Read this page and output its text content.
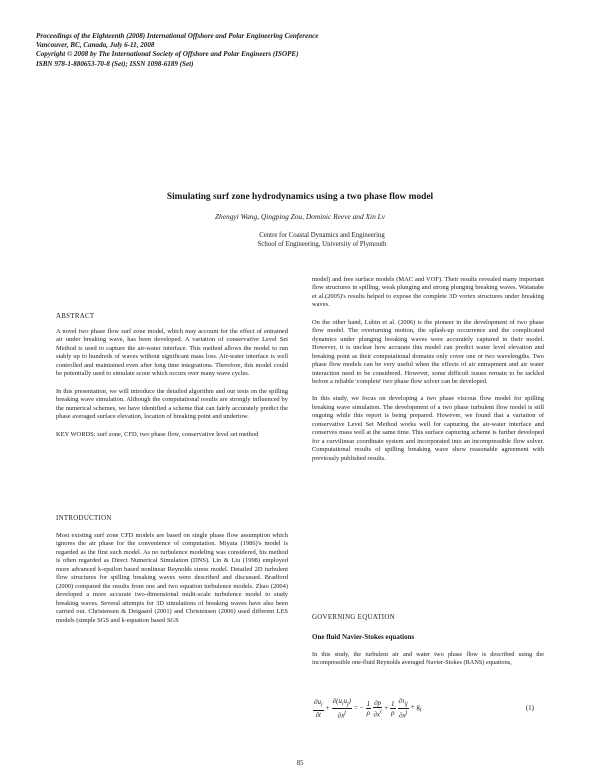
Proceedings of the Eighteenth (2008) International Offshore and Polar Engineering Conference
Vancouver, BC, Canada, July 6-11, 2008
Copyright © 2008 by The International Society of Offshore and Polar Engineers (ISOPE)
ISBN 978-1-880653-70-8 (Set); ISSN 1098-6189 (Set)
Simulating surf zone hydrodynamics using a two phase flow model
Zhengyi Wang, Qingping Zou, Dominic Reeve and Xin Lv
Centre for Coastal Dynamics and Engineering
School of Engineering, University of Plymouth
ABSTRACT

A novel two phase flow surf zone model, which may account for the effect of entrained air under breaking wave, has been developed. A variation of conservative Level Set Method is used to capture the air-water interface. This method allows the model to run stably up to hundreds of waves without significant mass loss. Air-water interface is well controlled and maintained even after long time integrations. Therefore, this model could be potentially used to simulate scour which occurs over many wave cycles.

In this presentation, we will introduce the detailed algorithm and our tests on the spilling breaking wave simulation. Although the computational results are strongly influenced by the numerical schemes, we have identified a scheme that can fairly accurately predict the phase averaged surface elevation, location of breaking point and undertow.

KEY WORDS: surf zone, CFD, two phase flow, conservative level set method

INTRODUCTION

Most existing surf zone CFD models are based on single phase flow assumption which ignores the air phase for the convenience of computation. Miyata (1986)'s model is regarded as the first such model. As no turbulence modeling was considered, his method is often regarded as Direct Numerical Simulation (DNS). Lin & Liu (1998) employed more advanced k-epsilon based nonlinear Reynolds stress model. Detailed 2D turbulent flow structures for spilling breaking waves were described and discussed. Bradford (2000) compared the results from one and two equation turbulence models. Zhao (2004) developed a more accurate two-dimensional multi-scale turbulence model to study breaking waves. Several attempts for 3D simulations of breaking waves have also been carried out. Christensen & Deigaard (2001) and Christensen (2006) used different LES models (simple SGS and k-equation based SGS

model) and free surface models (MAC and VOF). Their results revealed many important flow structures in spilling, weak plunging and strong plunging breaking waves. Watanabe et al.(2005)'s results helped to expose the complete 3D vortex structures under breaking waves.

On the other hand, Lubin et al. (2006) is the pioneer in the development of two phase flow model. The overturning motion, the splash-up occurrence and the complicated dynamics under plunging breaking waves were accurately captured in their model. However, it is unclear how accurate this model can predict water level elevation and breaking point as their computational domains only cover one or two wavelengths. Two phase flow models can be very useful when the effects of air entrapment and air water interaction need to be considered. However, some difficult issues remain to be tackled before a reliable 'complete' two phase flow solver can be developed.

In this study, we focus on developing a two phase viscous flow model for spilling breaking wave simulation. The development of a two phase turbulent flow model is still ongoing while this report is being prepared. However, we found that a variation of conservative Level Set Method works well for capturing the air-water interface and conserves mass well at the same time. This surface capturing scheme is further developed for a curvilinear coordinate system and incorporated into an incompressible flow solver. Computational results of spilling breaking wave show reasonable agreement with previously published results.

GOVERNING EQUATION
One fluid Navier-Stokes equations

In this study, the turbulent air and water two phase flow is described using the incompressible one-fluid Reynolds averaged Navier-Stokes (RANS) equations,

$\frac{\partial u_i}{\partial t} + \frac{\partial(u_iu_j)}{\partial x^j}$ = − $\frac{1}{\rho} \frac{\partial p}{\partial x^i} + \frac{1}{\rho} \frac{\partial\tau_{ij}}{\partial x^j} + g_i$	(1)
85
